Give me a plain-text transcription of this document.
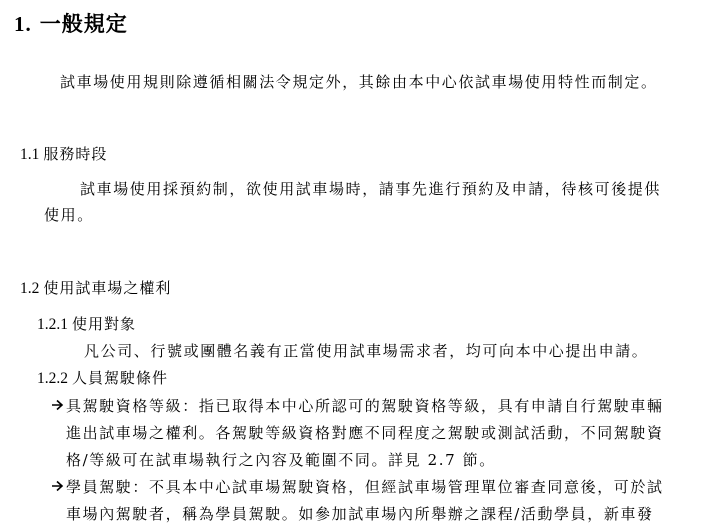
1. 一般規定
試車場使用規則除遵循相關法令規定外，其餘由本中心依試車場使用特性而制定。
1.1 服務時段
試車場使用採預約制，欲使用試車場時，請事先進行預約及申請，待核可後提供
使用。
1.2 使用試車場之權利
1.2.1 使用對象
凡公司、行號或團體名義有正當使用試車場需求者，均可向本中心提出申請。
1.2.2 人員駕駛條件
具駕駛資格等級：指已取得本中心所認可的駕駛資格等級，具有申請自行駕駛車輛
進出試車場之權利。各駕駛等級資格對應不同程度之駕駛或測試活動，不同駕駛資
格/等級可在試車場執行之內容及範圍不同。詳見 2.7 節。
學員駕駛：不具本中心試車場駕駛資格，但經試車場管理單位審查同意後，可於試
車場內駕駛者，稱為學員駕駛。如參加試車場內所舉辦之課程/活動學員，新車發
